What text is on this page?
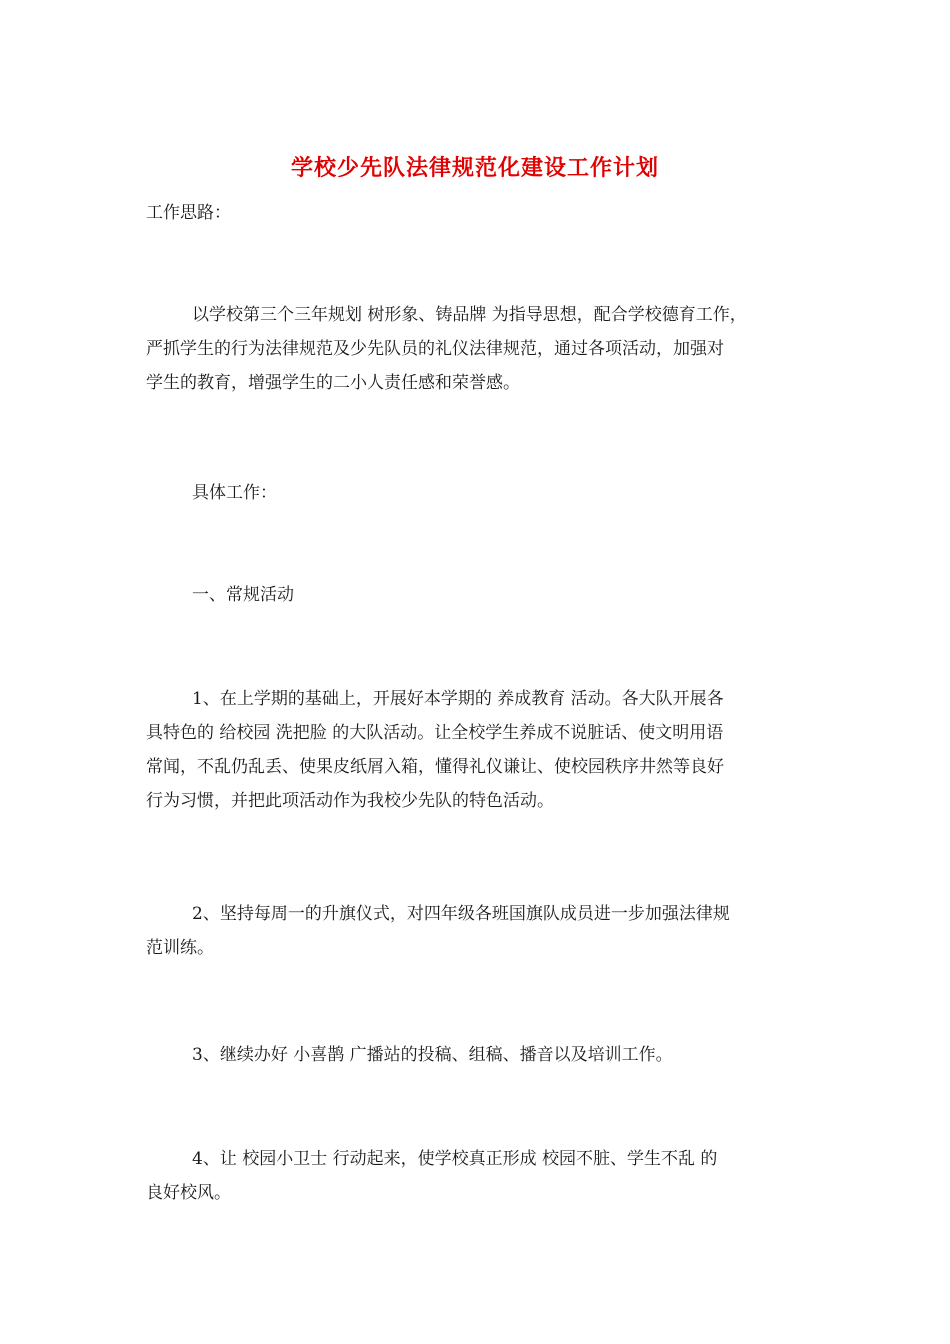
学校少先队法律规范化建设工作计划
工作思路：
以学校第三个三年规划 树形象、铸品牌 为指导思想，配合学校德育工作，
严抓学生的行为法律规范及少先队员的礼仪法律规范，通过各项活动，加强对
学生的教育，增强学生的二小人责任感和荣誉感。
具体工作：
一、常规活动
1、在上学期的基础上，开展好本学期的 养成教育 活动。各大队开展各
具特色的 给校园 洗把脸 的大队活动。让全校学生养成不说脏话、使文明用语
常闻，不乱仍乱丢、使果皮纸屑入箱，懂得礼仪谦让、使校园秩序井然等良好
行为习惯，并把此项活动作为我校少先队的特色活动。
2、坚持每周一的升旗仪式，对四年级各班国旗队成员进一步加强法律规
范训练。
3、继续办好 小喜鹊 广播站的投稿、组稿、播音以及培训工作。
4、让 校园小卫士 行动起来，使学校真正形成 校园不脏、学生不乱 的
良好校风。
